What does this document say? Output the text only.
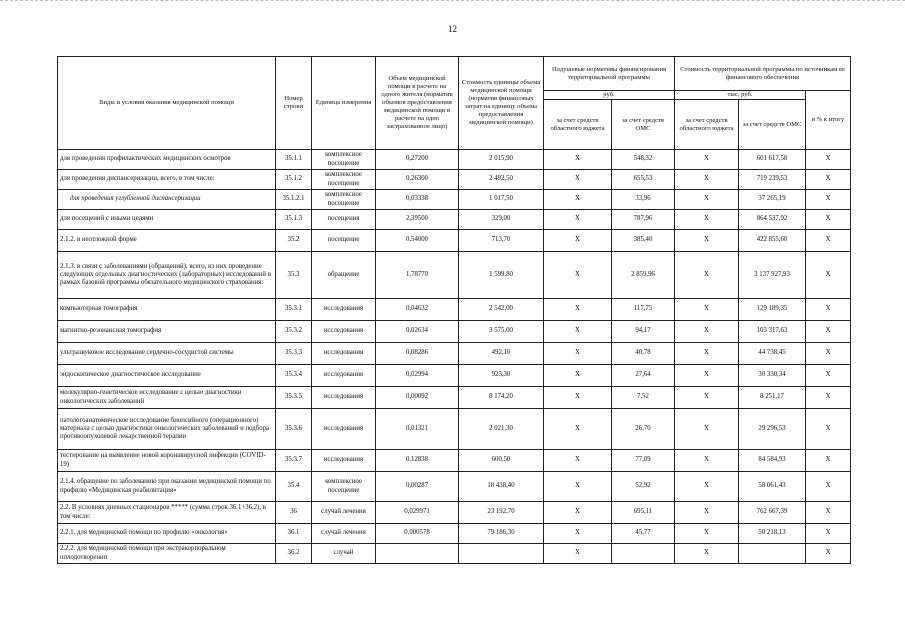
12
Виды и условия оказания медицинской помощи	Номер строки	Единица измерения	Объем медицинской помощи в расчете на одного жителя (норматив объемов предоставления медицинской помощи в расчете на одно застрахованное лицо)	Стоимость единицы объема медицинской помощи (норматив финансовых затрат на единицу объема предоставления медицинской помощи)	Подушевые нормативы финансирования территориальной программы		Стоимость территориальной программы по источникам ее финансового обеспечения		
					руб.		тыс. руб.		в % к итогу
					за счет средств областного юджета	за счет средств ОМС	за счет средств областного юджета	за счет средств ОМС	
для проведения профилактических медицинских осмотров	35.1.1	комплексное посещение	0,27200	2 015,90	X	548,32	X	601 617,58	X
для проведения диспансеризации, всего, в том числе:	35.1.2	комплексное посещение	0,26300	2 492,50	X	655,53	X	719 239,53	X
для проведения углубленной диспансеризации	35.1.2.1	комплексное посещение	0,03338	1 017,50	X	33,96	X	37 265,19	X
для посещений с иными целями	35.1.3	посещения	2,39500	329,00	X	787,96	X	864 537,92	X
2.1.2. в неотложной форме	35.2	посещение	0,54000	713,70	X	385,40	X	422 855,60	X
2.1.3. в связи с заболеваниями (обращений), всего, из них проведение следующих отдельных диагностических (лабораторных) исследований в рамках базовой программы обязательного медицинского страхования:	35.3	обращение	1,78770	1 599,80	X	2 859,96	X	3 137 927,93	X
компьютерная томография	35.3.1	исследования	0,04632	2 542,00	X	117,75	X	129 189,35	X
магнитно-резонансная томография	35.3.2	исследования	0,02634	3 575,00	X	94,17	X	103 317,63	X
ультразвуковое исследование сердечно-сосудистой системы	35.3.3	исследования	0,08286	492,10	X	40,78	X	44 738,45	X
эндоскопическое диагностическое исследование	35.3.4	исследования	0,02994	923,30	X	27,64	X	30 330,34	X
молекулярно-генетическое исследование с целью диагностики онкологических заболеваний	35.3.5	исследования	0,00092	8 174,20	X	7,52	X	8 251,17	X
патологоанатомическое исследование биопсийного (операционного) материала с целью диагностики онкологических заболеваний и подбора противоопухолевой лекарственной терапии	35.3.6	исследования	0,01321	2 021,30	X	26,70	X	29 296,53	X
тестирование на выявление новой коронавирусной инфекции (COVID-19)	35.3.7	исследования	0,12838	600,50	X	77,09	X	84 584,93	X
2.1.4. обращение по заболеванию при оказании медицинской помощи по профилю «Медицинская реабилитация»	35.4	комплексное посещение	0,00287	18 438,40	X	52,92	X	58 061,43	X
2.2. В условиях дневных стационаров ***** (сумма строк 36.1+36.2), в том числе:	36	случай лечения	0,029971	23 192,70	X	695,11	X	762 667,39	X
2.2.1. для медицинской помощи по профилю «онкология»	36.1	случай лечения	0,000578	79 186,30	X	45,77	X	50 218,13	X
2.2.2. для медицинской помощи при экстракорпоральном оплодотворении	36.2	случай			X		X		X
